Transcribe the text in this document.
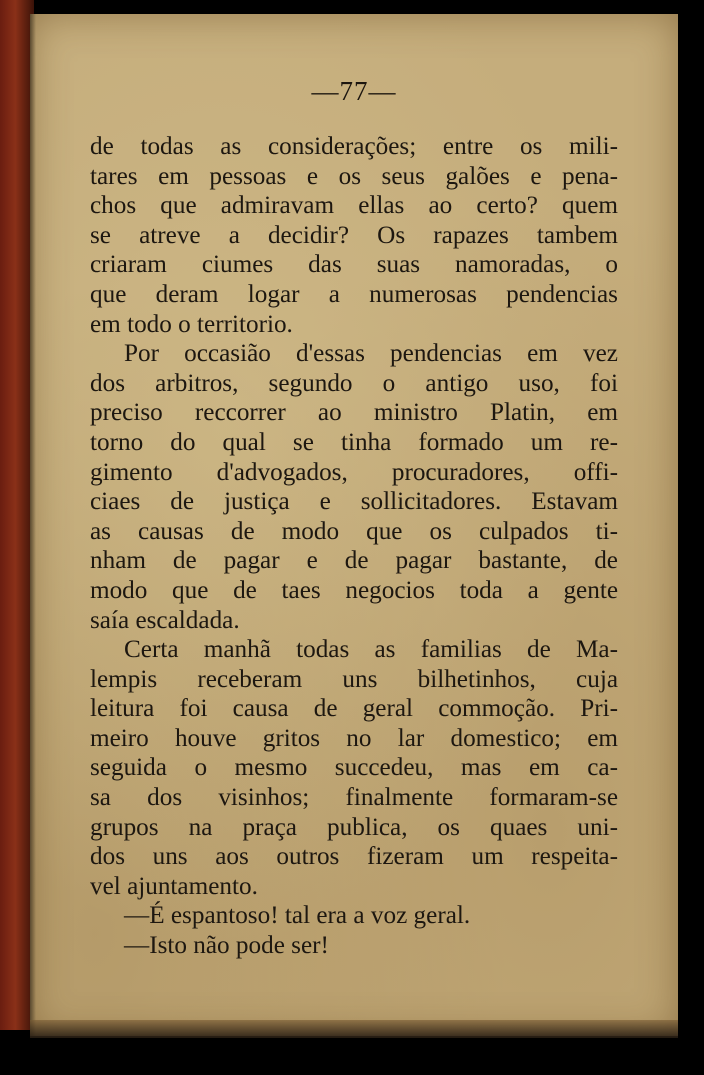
—77—
de todas as considerações; entre os mili-
tares em pessoas e os seus galões e pena-
chos que admiravam ellas ao certo? quem
se atreve a decidir? Os rapazes tambem
criaram ciumes das suas namoradas, o
que deram logar a numerosas pendencias
em todo o territorio.
Por occasião d'essas pendencias em vez
dos arbitros, segundo o antigo uso, foi
preciso reccorrer ao ministro Platin, em
torno do qual se tinha formado um re-
gimento d'advogados, procuradores, offi-
ciaes de justiça e sollicitadores. Estavam
as causas de modo que os culpados ti-
nham de pagar e de pagar bastante, de
modo que de taes negocios toda a gente
saía escaldada.
Certa manhã todas as familias de Ma-
lempis receberam uns bilhetinhos, cuja
leitura foi causa de geral commoção. Pri-
meiro houve gritos no lar domestico; em
seguida o mesmo succedeu, mas em ca-
sa dos visinhos; finalmente formaram-se
grupos na praça publica, os quaes uni-
dos uns aos outros fizeram um respeita-
vel ajuntamento.
—É espantoso! tal era a voz geral.
—Isto não pode ser!
